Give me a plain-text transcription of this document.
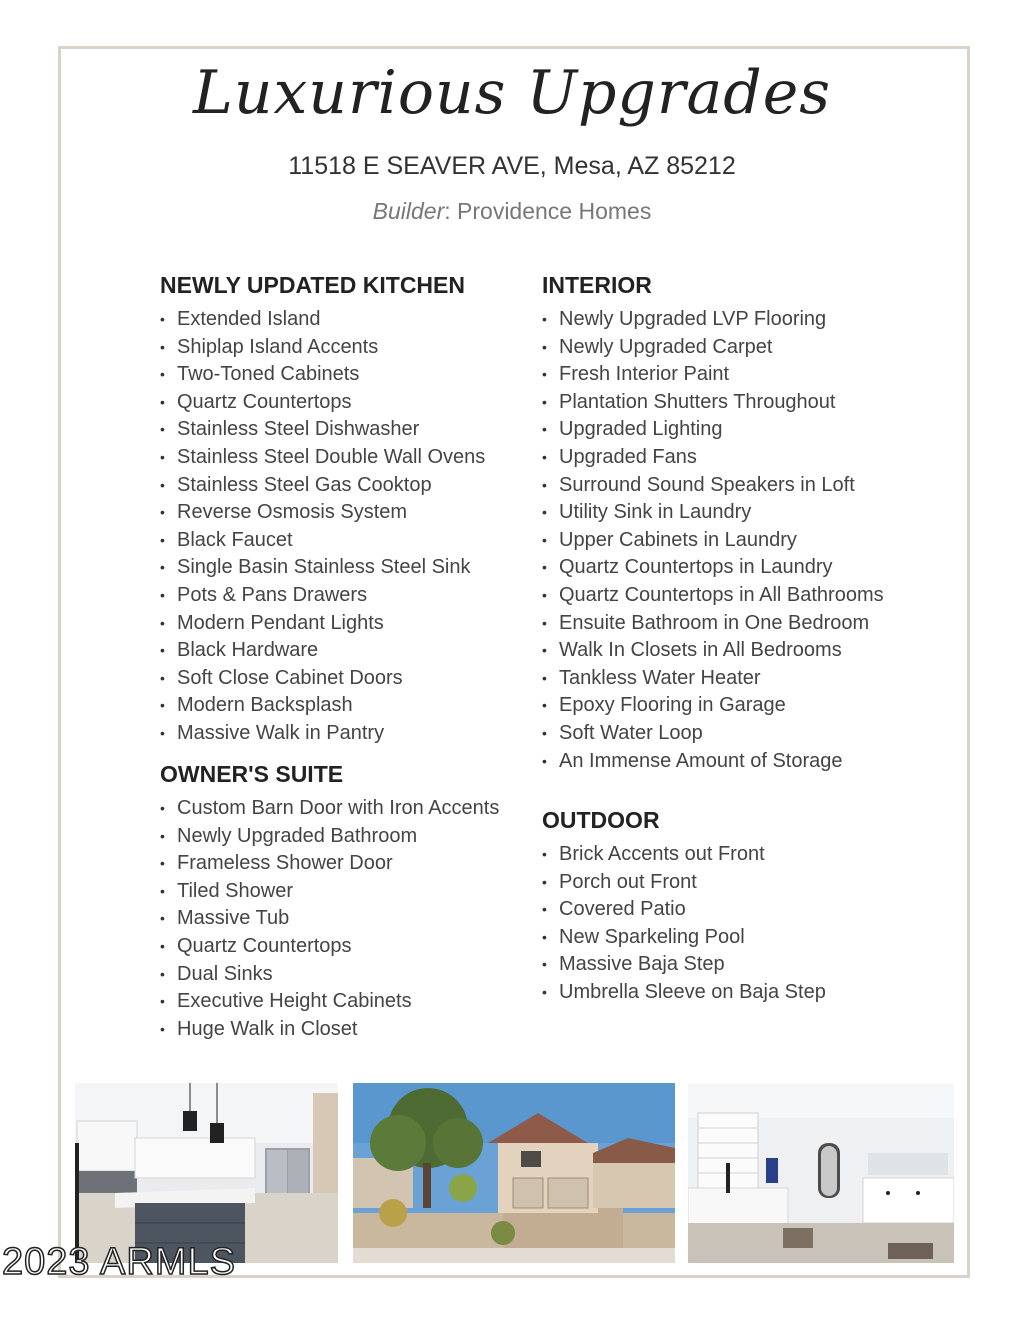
Luxurious Upgrades
11518 E SEAVER AVE, Mesa, AZ 85212
Builder: Providence Homes
NEWLY UPDATED KITCHEN
• Extended Island
• Shiplap Island Accents
• Two-Toned Cabinets
• Quartz Countertops
• Stainless Steel Dishwasher
• Stainless Steel Double Wall Ovens
• Stainless Steel Gas Cooktop
• Reverse Osmosis System
• Black Faucet
• Single Basin Stainless Steel Sink
• Pots & Pans Drawers
• Modern Pendant Lights
• Black Hardware
• Soft Close Cabinet Doors
• Modern Backsplash
• Massive Walk in Pantry
OWNER'S SUITE
• Custom Barn Door with Iron Accents
• Newly Upgraded Bathroom
• Frameless Shower Door
• Tiled Shower
• Massive Tub
• Quartz Countertops
• Dual Sinks
• Executive Height Cabinets
• Huge Walk in Closet
INTERIOR
• Newly Upgraded LVP Flooring
• Newly Upgraded Carpet
• Fresh Interior Paint
• Plantation Shutters Throughout
• Upgraded Lighting
• Upgraded Fans
• Surround Sound Speakers in Loft
• Utility Sink in Laundry
• Upper Cabinets in Laundry
• Quartz Countertops in Laundry
• Quartz Countertops in All Bathrooms
• Ensuite Bathroom in One Bedroom
• Walk In Closets in All Bedrooms
• Tankless Water Heater
• Epoxy Flooring in Garage
• Soft Water Loop
• An Immense Amount of Storage
OUTDOOR
• Brick Accents out Front
• Porch out Front
• Covered Patio
• New Sparkeling Pool
• Massive Baja Step
• Umbrella Sleeve on Baja Step
2023 ARMLS
